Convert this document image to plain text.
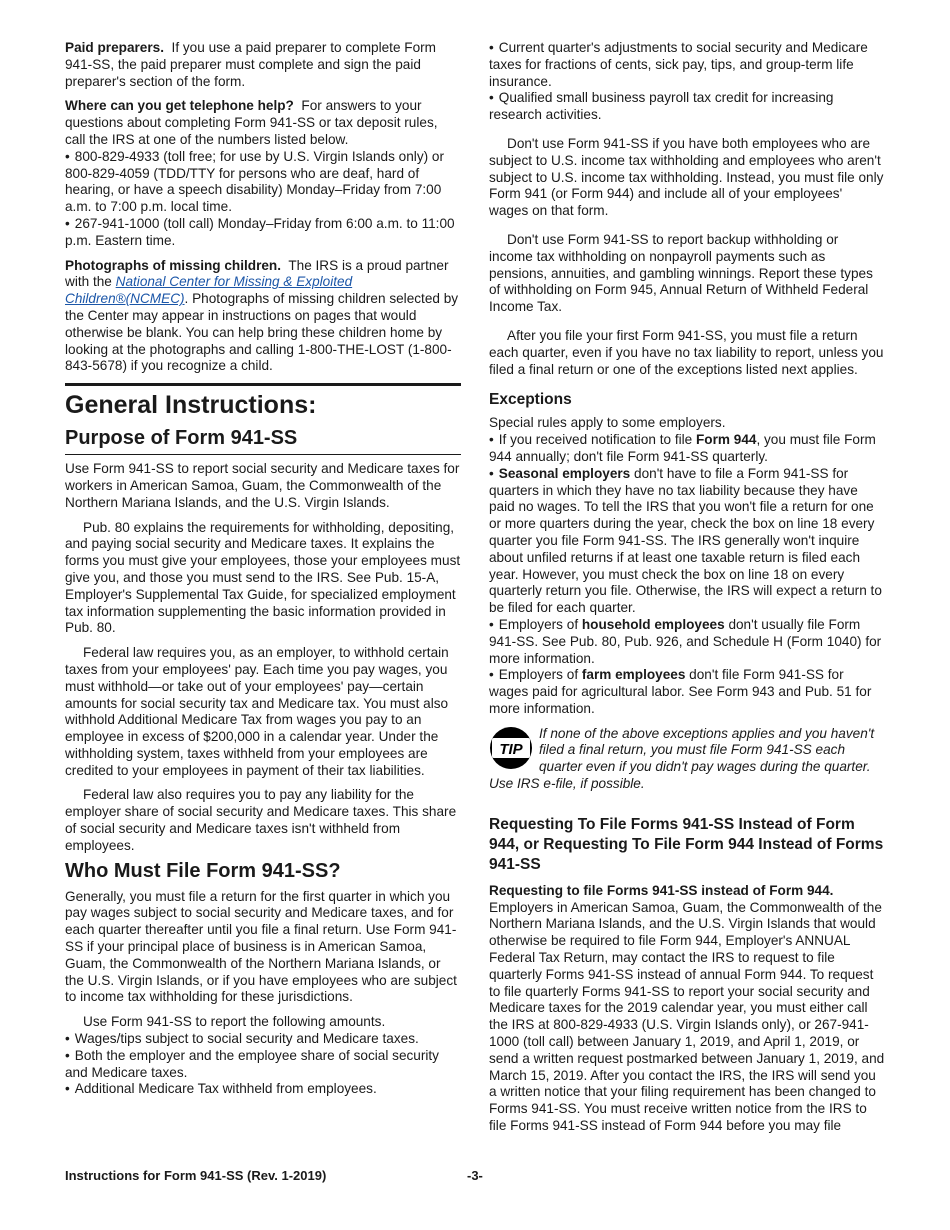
Paid preparers. If you use a paid preparer to complete Form 941-SS, the paid preparer must complete and sign the paid preparer's section of the form.

Where can you get telephone help? For answers to your questions about completing Form 941-SS or tax deposit rules, call the IRS at one of the numbers listed below.

• 800-829-4933 (toll free; for use by U.S. Virgin Islands only) or 800-829-4059 (TDD/TTY for persons who are deaf, hard of hearing, or have a speech disability) Monday–Friday from 7:00 a.m. to 7:00 p.m. local time.

• 267-941-1000 (toll call) Monday–Friday from 6:00 a.m. to 11:00 p.m. Eastern time.

Photographs of missing children. The IRS is a proud partner with the National Center for Missing & Exploited Children®(NCMEC). Photographs of missing children selected by the Center may appear in instructions on pages that would otherwise be blank. You can help bring these children home by looking at the photographs and calling 1-800-THE-LOST (1-800-843-5678) if you recognize a child.

General Instructions:
Purpose of Form 941-SS

Use Form 941-SS to report social security and Medicare taxes for workers in American Samoa, Guam, the Commonwealth of the Northern Mariana Islands, and the U.S. Virgin Islands.

Pub. 80 explains the requirements for withholding, depositing, and paying social security and Medicare taxes. It explains the forms you must give your employees, those your employees must give you, and those you must send to the IRS. See Pub. 15-A, Employer's Supplemental Tax Guide, for specialized employment tax information supplementing the basic information provided in Pub. 80.

Federal law requires you, as an employer, to withhold certain taxes from your employees' pay. Each time you pay wages, you must withhold—or take out of your employees' pay—certain amounts for social security tax and Medicare tax. You must also withhold Additional Medicare Tax from wages you pay to an employee in excess of $200,000 in a calendar year. Under the withholding system, taxes withheld from your employees are credited to your employees in payment of their tax liabilities.

Federal law also requires you to pay any liability for the employer share of social security and Medicare taxes. This share of social security and Medicare taxes isn't withheld from employees.

Who Must File Form 941-SS?

Generally, you must file a return for the first quarter in which you pay wages subject to social security and Medicare taxes, and for each quarter thereafter until you file a final return. Use Form 941-SS if your principal place of business is in American Samoa, Guam, the Commonwealth of the Northern Mariana Islands, or the U.S. Virgin Islands, or if you have employees who are subject to income tax withholding for these jurisdictions.

Use Form 941-SS to report the following amounts.

• Wages/tips subject to social security and Medicare taxes.

• Both the employer and the employee share of social security and Medicare taxes.

• Additional Medicare Tax withheld from employees.

• Current quarter's adjustments to social security and Medicare taxes for fractions of cents, sick pay, tips, and group-term life insurance.

• Qualified small business payroll tax credit for increasing research activities.

Don't use Form 941-SS if you have both employees who are subject to U.S. income tax withholding and employees who aren't subject to U.S. income tax withholding. Instead, you must file only Form 941 (or Form 944) and include all of your employees' wages on that form.

Don't use Form 941-SS to report backup withholding or income tax withholding on nonpayroll payments such as pensions, annuities, and gambling winnings. Report these types of withholding on Form 945, Annual Return of Withheld Federal Income Tax.

After you file your first Form 941-SS, you must file a return each quarter, even if you have no tax liability to report, unless you filed a final return or one of the exceptions listed next applies.

Exceptions

Special rules apply to some employers.

• If you received notification to file Form 944, you must file Form 944 annually; don't file Form 941-SS quarterly.

• Seasonal employers don't have to file a Form 941-SS for quarters in which they have no tax liability because they have paid no wages. To tell the IRS that you won't file a return for one or more quarters during the year, check the box on line 18 every quarter you file Form 941-SS. The IRS generally won't inquire about unfiled returns if at least one taxable return is filed each year. However, you must check the box on line 18 on every quarterly return you file. Otherwise, the IRS will expect a return to be filed for each quarter.

• Employers of household employees don't usually file Form 941-SS. See Pub. 80, Pub. 926, and Schedule H (Form 1040) for more information.

• Employers of farm employees don't file Form 941-SS for wages paid for agricultural labor. See Form 943 and Pub. 51 for more information.

TIP
If none of the above exceptions applies and you haven't filed a final return, you must file Form 941-SS each quarter even if you didn't pay wages during the quarter. Use IRS e-file, if possible.
Requesting To File Forms 941-SS Instead of Form 944, or Requesting To File Form 944 Instead of Forms 941-SS

Requesting to file Forms 941-SS instead of Form 944. Employers in American Samoa, Guam, the Commonwealth of the Northern Mariana Islands, and the U.S. Virgin Islands that would otherwise be required to file Form 944, Employer's ANNUAL Federal Tax Return, may contact the IRS to request to file quarterly Forms 941-SS instead of annual Form 944. To request to file quarterly Forms 941-SS to report your social security and Medicare taxes for the 2019 calendar year, you must either call the IRS at 800-829-4933 (U.S. Virgin Islands only), or 267-941-1000 (toll call) between January 1, 2019, and April 1, 2019, or send a written request postmarked between January 1, 2019, and March 15, 2019. After you contact the IRS, the IRS will send you a written notice that your filing requirement has been changed to Forms 941-SS. You must receive written notice from the IRS to file Forms 941-SS instead of Form 944 before you may file

Instructions for Form 941-SS (Rev. 1-2019)	-3-
